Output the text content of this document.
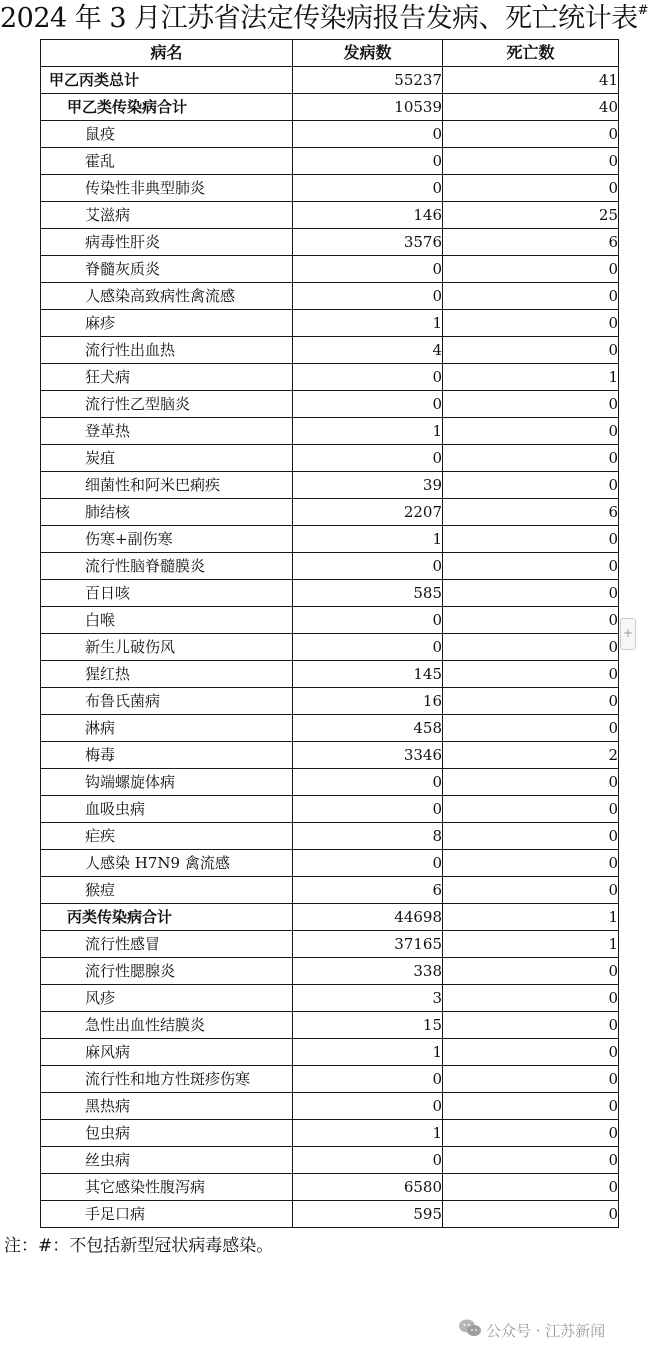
2024 年 3 月江苏省法定传染病报告发病、死亡统计表#
病名	发病数	死亡数
甲乙丙类总计	55237	41
甲乙类传染病合计	10539	40
鼠疫	0	0
霍乱	0	0
传染性非典型肺炎	0	0
艾滋病	146	25
病毒性肝炎	3576	6
脊髓灰质炎	0	0
人感染高致病性禽流感	0	0
麻疹	1	0
流行性出血热	4	0
狂犬病	0	1
流行性乙型脑炎	0	0
登革热	1	0
炭疽	0	0
细菌性和阿米巴痢疾	39	0
肺结核	2207	6
伤寒+副伤寒	1	0
流行性脑脊髓膜炎	0	0
百日咳	585	0
白喉	0	0
新生儿破伤风	0	0
猩红热	145	0
布鲁氏菌病	16	0
淋病	458	0
梅毒	3346	2
钩端螺旋体病	0	0
血吸虫病	0	0
疟疾	8	0
人感染 H7N9 禽流感	0	0
猴痘	6	0
丙类传染病合计	44698	1
流行性感冒	37165	1
流行性腮腺炎	338	0
风疹	3	0
急性出血性结膜炎	15	0
麻风病	1	0
流行性和地方性斑疹伤寒	0	0
黑热病	0	0
包虫病	1	0
丝虫病	0	0
其它感染性腹泻病	6580	0
手足口病	595	0
+
注：#：不包括新型冠状病毒感染。
公众号 · 江苏新闻
